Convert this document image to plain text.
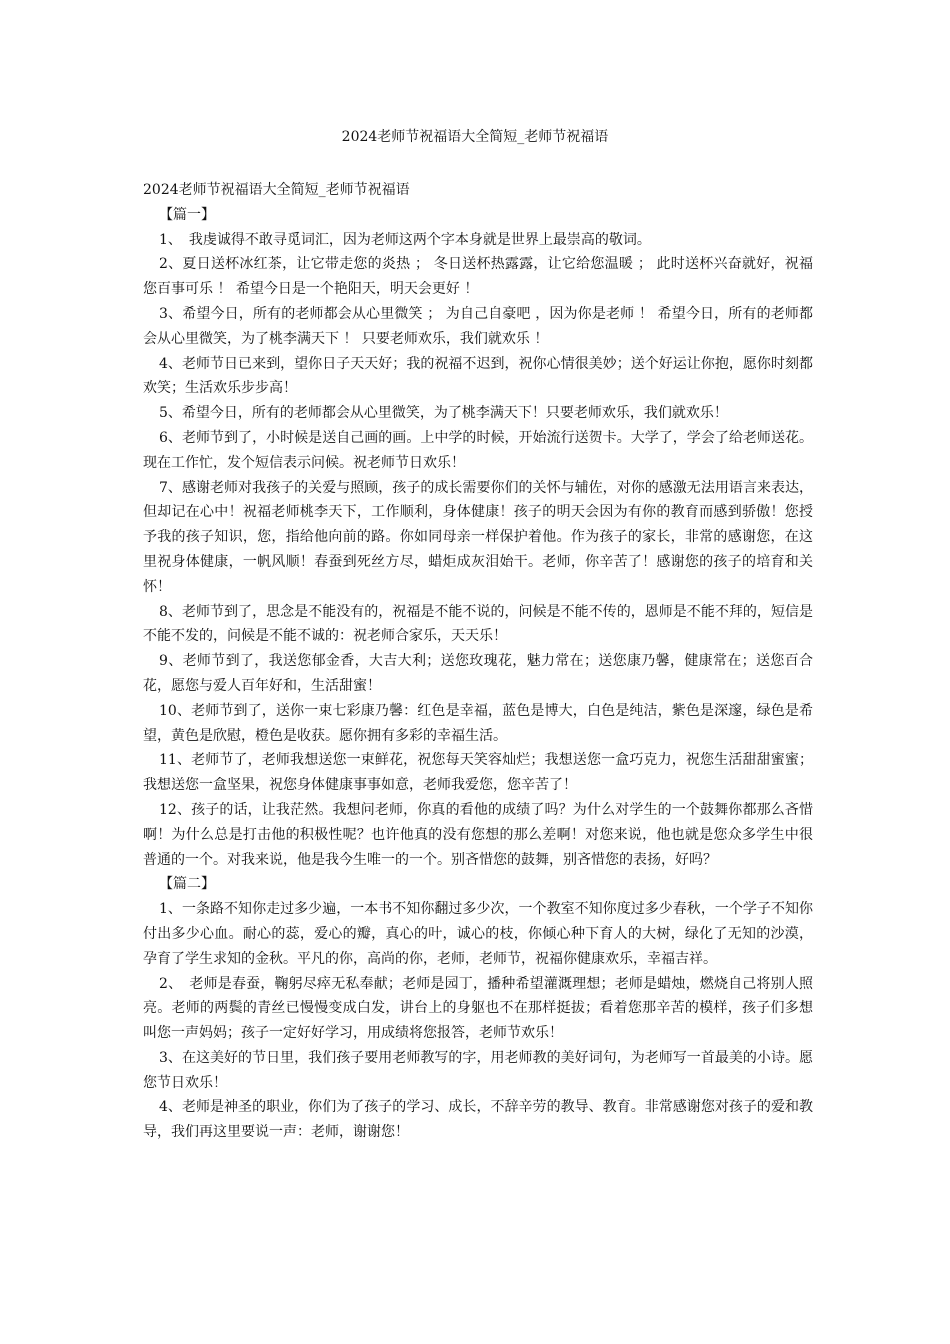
2024老师节祝福语大全简短_老师节祝福语

2024老师节祝福语大全简短_老师节祝福语

【篇一】

1、　我虔诚得不敢寻觅词汇，因为老师这两个字本身就是世界上最崇高的敬词。

2、夏日送杯冰红茶，让它带走您的炎热 ； 冬日送杯热露露，让它给您温暖 ； 此时送杯兴奋就好，祝福您百事可乐 ！ 希望今日是一个艳阳天，明天会更好 ！

3、希望今日，所有的老师都会从心里微笑 ； 为自己自豪吧 ，因为你是老师 ！ 希望今日，所有的老师都会从心里微笑，为了桃李满天下 ！ 只要老师欢乐，我们就欢乐 ！

4、老师节日已来到，望你日子天天好；我的祝福不迟到，祝你心情很美妙；送个好运让你抱，愿你时刻都欢笑；生活欢乐步步高！

5、希望今日，所有的老师都会从心里微笑，为了桃李满天下！只要老师欢乐，我们就欢乐！

6、老师节到了，小时候是送自己画的画。上中学的时候，开始流行送贺卡。大学了，学会了给老师送花。现在工作忙，发个短信表示问候。祝老师节日欢乐！

7、感谢老师对我孩子的关爱与照顾，孩子的成长需要你们的关怀与辅佐，对你的感激无法用语言来表达，但却记在心中！祝福老师桃李天下，工作顺利，身体健康！孩子的明天会因为有你的教育而感到骄傲！您授予我的孩子知识，您，指给他向前的路。你如同母亲一样保护着他。作为孩子的家长，非常的感谢您，在这里祝身体健康，一帆风顺！春蚕到死丝方尽，蜡炬成灰泪始干。老师，你辛苦了！感谢您的孩子的培育和关怀！

8、老师节到了，思念是不能没有的，祝福是不能不说的，问候是不能不传的，恩师是不能不拜的，短信是不能不发的，问候是不能不诚的：祝老师合家乐，天天乐！

9、老师节到了，我送您郁金香，大吉大利；送您玫瑰花，魅力常在；送您康乃馨，健康常在；送您百合花，愿您与爱人百年好和，生活甜蜜！

10、老师节到了，送你一束七彩康乃馨：红色是幸福，蓝色是博大，白色是纯洁，紫色是深邃，绿色是希望，黄色是欣慰，橙色是收获。愿你拥有多彩的幸福生活。

11、老师节了，老师我想送您一束鲜花，祝您每天笑容灿烂；我想送您一盒巧克力，祝您生活甜甜蜜蜜；我想送您一盒坚果，祝您身体健康事事如意，老师我爱您，您辛苦了！

12、孩子的话，让我茫然。我想问老师，你真的看他的成绩了吗？为什么对学生的一个鼓舞你都那么吝惜啊！为什么总是打击他的积极性呢？也许他真的没有您想的那么差啊！对您来说，他也就是您众多学生中很普通的一个。对我来说，他是我今生唯一的一个。别吝惜您的鼓舞，别吝惜您的表扬，好吗？

【篇二】

1、一条路不知你走过多少遍，一本书不知你翻过多少次，一个教室不知你度过多少春秋，一个学子不知你付出多少心血。耐心的蕊，爱心的瓣，真心的叶，诚心的枝，你倾心种下育人的大树，绿化了无知的沙漠，孕育了学生求知的金秋。平凡的你，高尚的你，老师，老师节，祝福你健康欢乐，幸福吉祥。

2、　老师是春蚕，鞠躬尽瘁无私奉献；老师是园丁，播种希望灌溉理想；老师是蜡烛，燃烧自己将别人照亮。老师的两鬓的青丝已慢慢变成白发，讲台上的身躯也不在那样挺拔；看着您那辛苦的模样，孩子们多想叫您一声妈妈；孩子一定好好学习，用成绩将您报答，老师节欢乐！

3、在这美好的节日里，我们孩子要用老师教写的字，用老师教的美好词句，为老师写一首最美的小诗。愿您节日欢乐！

4、老师是神圣的职业，你们为了孩子的学习、成长，不辞辛劳的教导、教育。非常感谢您对孩子的爱和教导，我们再这里要说一声：老师，谢谢您！
